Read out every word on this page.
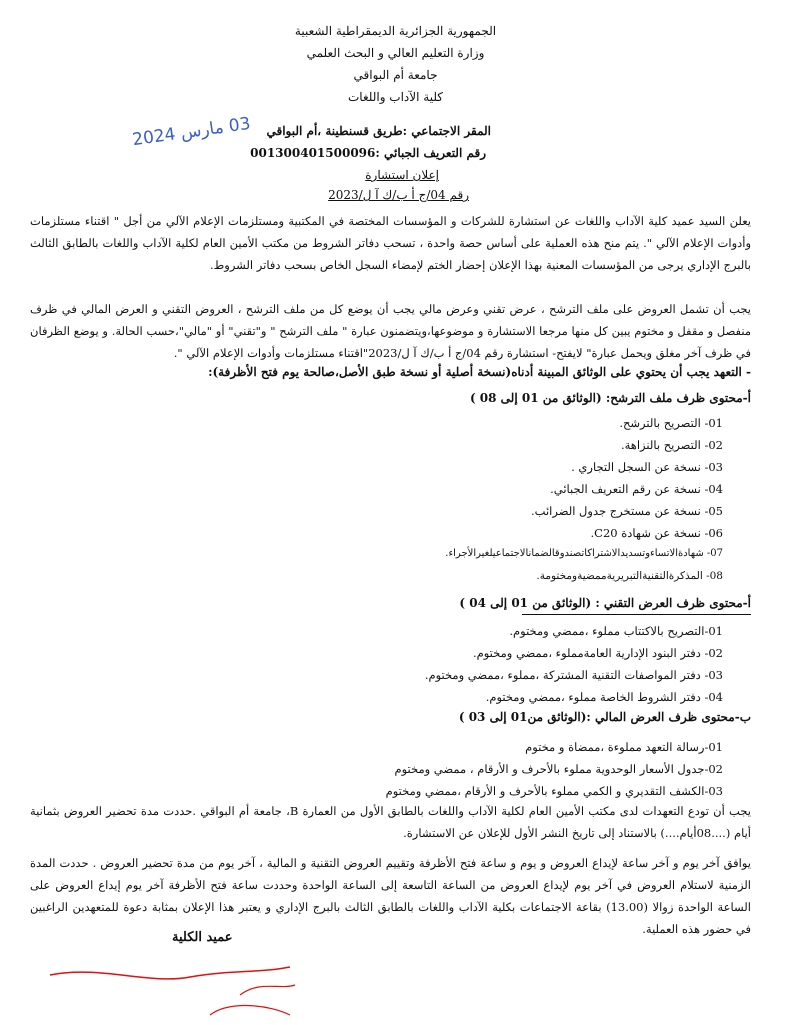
الجمهورية الجزائرية الديمقراطية الشعبية
وزارة التعليم العالي و البحث العلمي
جامعة أم البواقي
كلية الآداب واللغات
المقر الاجتماعي :طريق قسنطينة ،أم البواقي
رقم التعريف الجبائي :001300401500096
إعلان استشارة
رقم 04/ج أ ب/ك آ ل/2023
03 مارس 2024
يعلن السيد عميد كلية الآداب واللغات عن استشارة للشركات و المؤسسات المختصة في المكتبية ومستلزمات الإعلام الآلي من أجل " اقتناء مستلزمات وأدوات الإعلام الآلي ". يتم منح هذه العملية على أساس حصة واحدة ، تسحب دفاتر الشروط من مكتب الأمين العام لكلية الآداب واللغات بالطابق الثالث بالبرج الإداري يرجى من المؤسسات المعنية بهذا الإعلان إحضار الختم لإمضاء السجل الخاص بسحب دفاتر الشروط.
يجب أن تشمل العروض على ملف الترشح ، عرض تقني وعرض مالي يجب أن يوضع كل من ملف الترشح ، العروض التقني و العرض المالي في ظرف منفصل و مقفل و مختوم يبين كل منها مرجعا الاستشارة و موضوعها،ويتضمنون عبارة " ملف الترشح " و"تقني" أو "مالي"،حسب الحالة. و يوضع الظرفان في ظرف آخر مغلق ويحمل عبارة" لايفتح- استشارة رقم 04/ج أ ب/ك آ ل/2023"اقتناء مستلزمات وأدوات الإعلام الآلي ".
- التعهد يجب أن يحتوي على الوثائق المبينة أدناه(نسخة أصلية أو نسخة طبق الأصل،صالحة يوم فتح الأظرفة):
أ-محتوى ظرف ملف الترشح: (الوثائق من 01 إلى 08 )
01- التصريح بالترشح.
02- التصريح بالنزاهة.
03- نسخة عن السجل التجاري .
04- نسخة عن رقم التعريف الجبائي.
05- نسخة عن مستخرج جدول الضرائب.
06- نسخة عن شهادة C20.
07- شهادةالاتساءوتسديدالاشتراكاتصندوقالضمانالاجتماعيلغيرالأجراء.
08- المذكرةالتقنيةالتبريريةممضيةومختومة.
أ-محتوى ظرف العرض التقني : (الوثائق من 01 إلى 04 )
01-التصريح بالاكتتاب مملوء ،ممضي ومختوم.
02- دفتر البنود الإدارية العامةمملوء ،ممضي ومختوم.
03- دفتر المواصفات التقنية المشتركة ،مملوء ،ممضي ومختوم.
04- دفتر الشروط الخاصة مملوء ،ممضي ومختوم.
ب-محتوى ظرف العرض المالي :(الوثائق من01 إلى 03 )
01-رسالة التعهد مملوءة ،ممضاة و مختوم
02-جدول الأسعار الوحدوية مملوء بالأحرف و الأرقام ، ممضي ومختوم
03-الكشف التقديري و الكمي مملوء بالأحرف و الأرقام ،ممضي ومختوم
يجب أن تودع التعهدات لدى مكتب الأمين العام لكلية الآداب واللغات بالطابق الأول من العمارة B، جامعة أم البواقي .حددت مدة تحضير العروض بثمانية أيام (....08أيام....) بالاستناد إلى تاريخ النشر الأول للإعلان عن الاستشارة.
يوافق آخر يوم و آخر ساعة لإيداع العروض و يوم و ساعة فتح الأظرفة وتقييم العروض التقنية و المالية ، آخر يوم من مدة تحضير العروض . حددت المدة الزمنية لاستلام العروض في آخر يوم لإيداع العروض من الساعة التاسعة إلى الساعة الواحدة وحددت ساعة فتح الأظرفة آخر يوم إيداع العروض على الساعة الواحدة زوالا (13.00) بقاعة الاجتماعات بكلية الآداب واللغات بالطابق الثالث بالبرج الإداري و يعتبر هذا الإعلان بمثابة دعوة للمتعهدين الراغبين في حضور هذه العملية.
عميد الكلية
